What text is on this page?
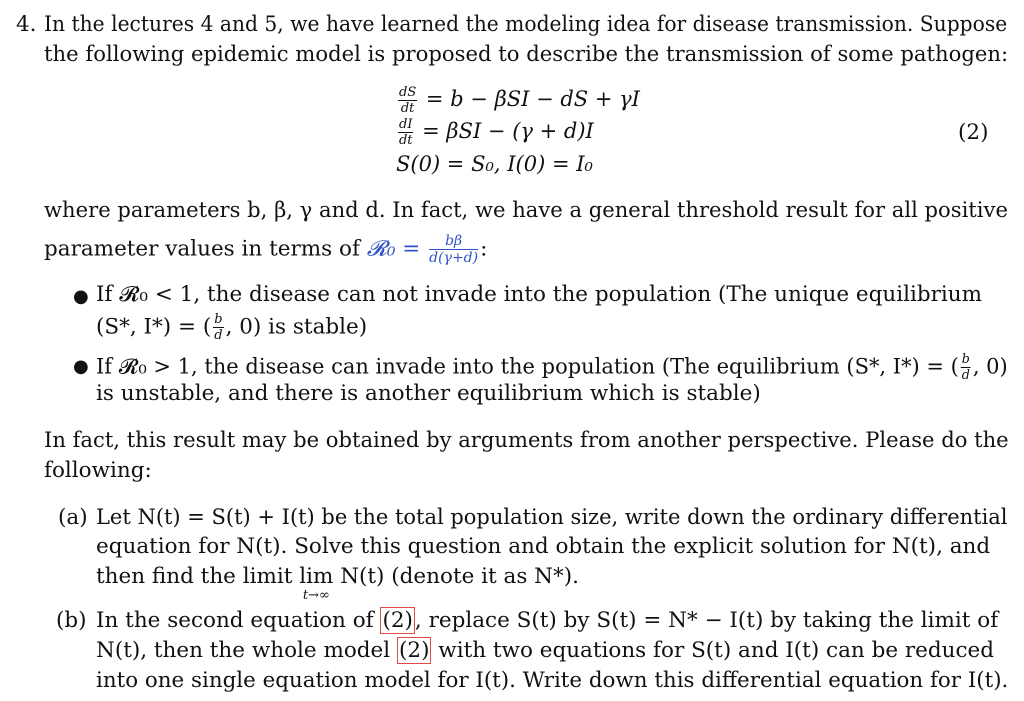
4. In the lectures 4 and 5, we have learned the modeling idea for disease transmission. Suppose
the following epidemic model is proposed to describe the transmission of some pathogen:
$\frac{dS}{dt} = b - \beta SI$ − dS + γI
$\frac{dI}{dt} = \beta SI - (\gamma + d)I$
S(0) = S₀, I(0) = I₀
(2)
where parameters b, β, γ and d. In fact, we have a general threshold result for all positive
parameter values in terms of 𝓡₀ = $\frac{b\beta}{d(\gamma+d)}$ :
● If 𝓡₀ < 1, the disease can not invade into the population (The unique equilibrium
(S*, I*) = ( $\frac{b}{d}$ , 0) is stable)
● If 𝓡₀ > 1, the disease can invade into the population (The equilibrium (S*, I*) = ( $\frac{b}{d}$ , 0)
is unstable, and there is another equilibrium which is stable)
In fact, this result may be obtained by arguments from another perspective. Please do the
following:
(a) Let N(t) = S(t) + I(t) be the total population size, write down the ordinary differential
equation for N(t). Solve this question and obtain the explicit solution for N(t), and
then find the limit lim
t→∞
N(t) (denote it as N*).
(b) In the second equation of (2), replace S(t) by S(t) = N* − I(t) by taking the limit of
N(t), then the whole model (2) with two equations for S(t) and I(t) can be reduced
into one single equation model for I(t). Write down this differential equation for I(t).
